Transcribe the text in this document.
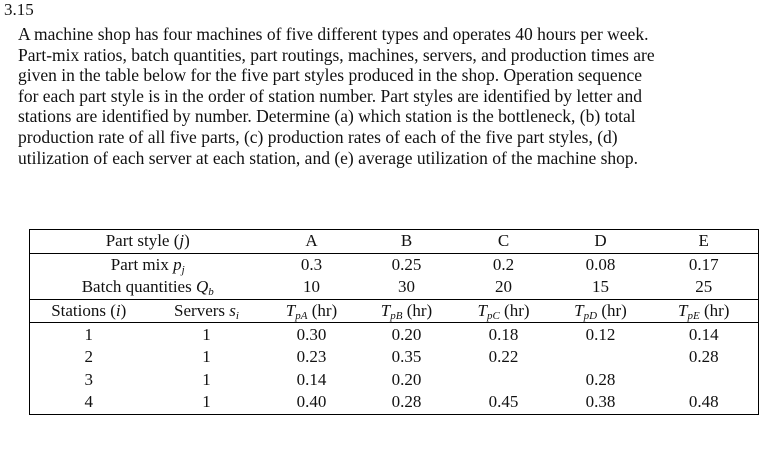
3.15
A machine shop has four machines of five different types and operates 40 hours per week.
Part-mix ratios, batch quantities, part routings, machines, servers, and production times are
given in the table below for the five part styles produced in the shop. Operation sequence
for each part style is in the order of station number. Part styles are identified by letter and
stations are identified by number. Determine (a) which station is the bottleneck, (b) total
production rate of all five parts, (c) production rates of each of the five part styles, (d)
utilization of each server at each station, and (e) average utilization of the machine shop.
Part style (j)		A	B	C	D	E
Part mix $p_j$		0.3	0.25	0.2	0.08	0.17
Batch quantities $Q_b$		10	30	20	15	25
Stations (i)	Servers $s_i$	$T_{pA}$ (hr)	$T_{pB}$ (hr)	$T_{pC}$ (hr)	$T_{pD}$ (hr)	$T_{pE}$ (hr)
1	1	0.30	0.20	0.18	0.12	0.14
2	1	0.23	0.35	0.22		0.28
3	1	0.14	0.20		0.28	
4	1	0.40	0.28	0.45	0.38	0.48
